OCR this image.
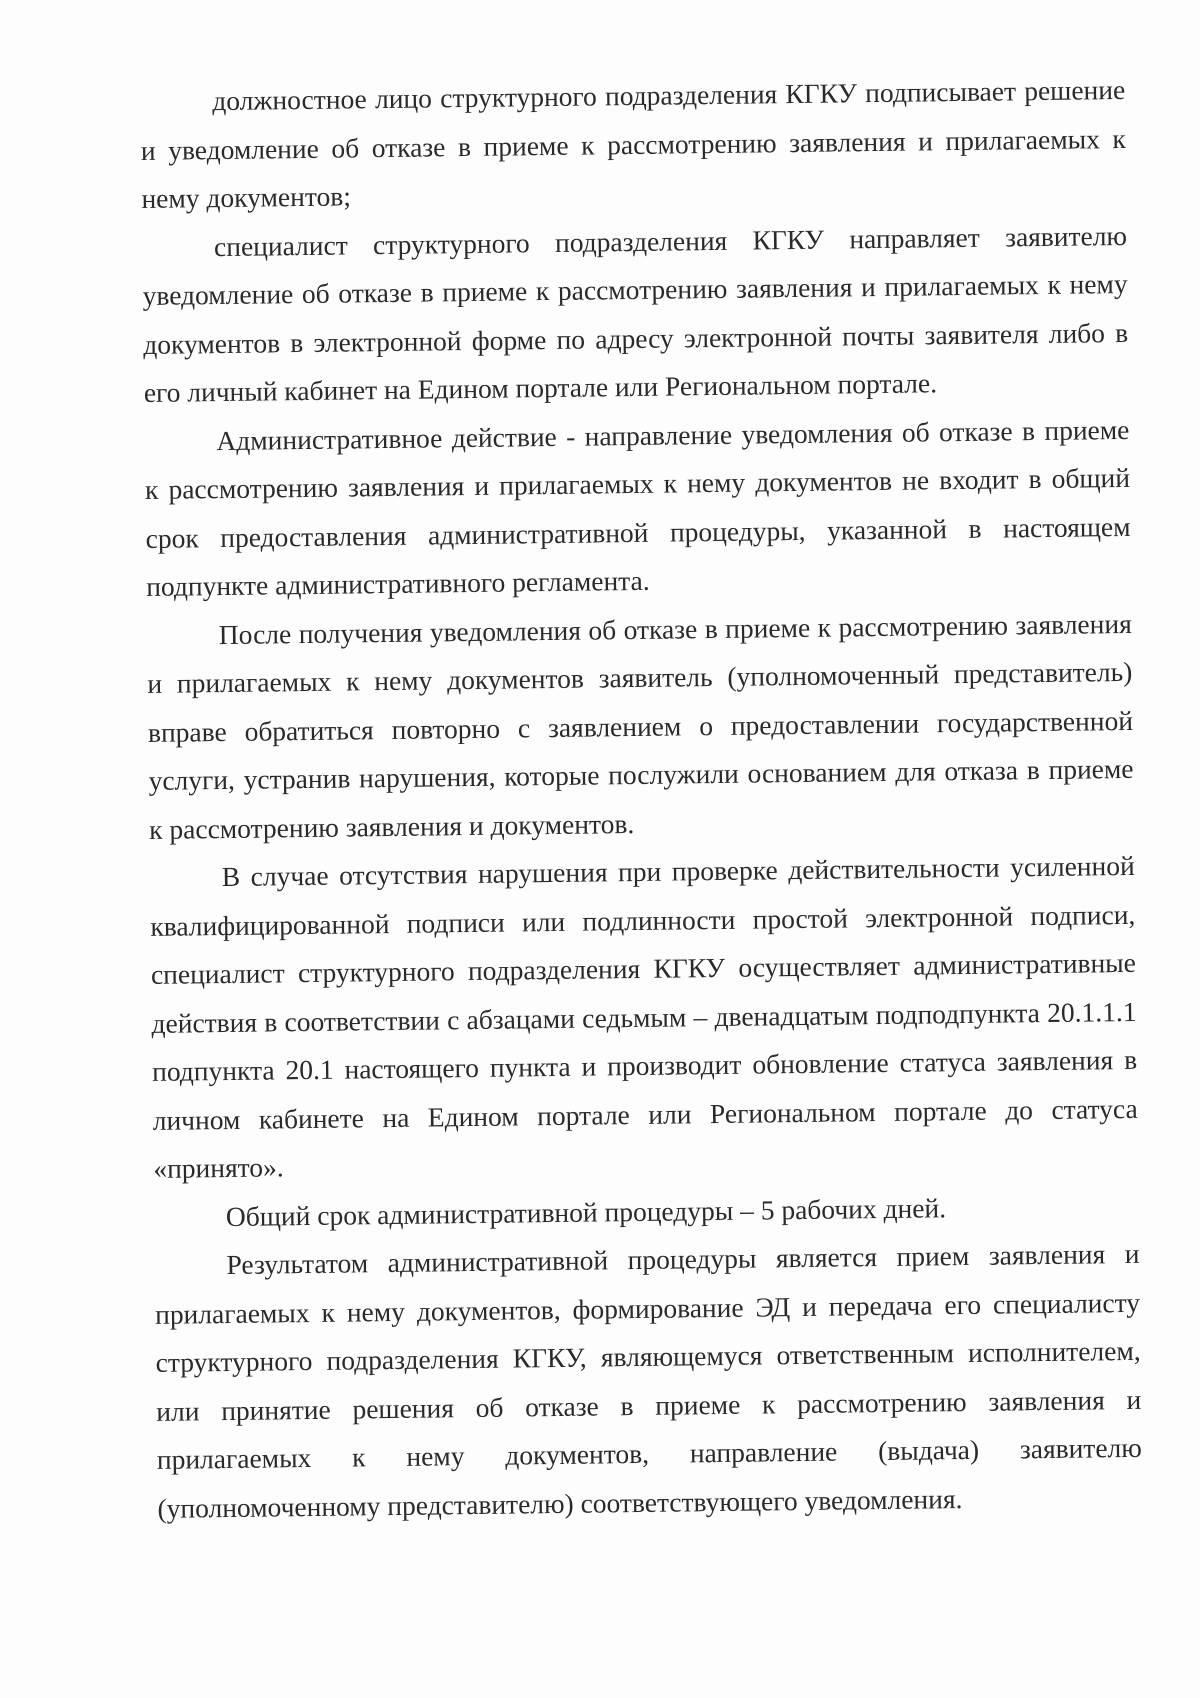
должностное лицо структурного подразделения КГКУ подписывает решение и уведомление об отказе в приеме к рассмотрению заявления и прилагаемых к нему документов;

специалист структурного подразделения КГКУ направляет заявителю уведомление об отказе в приеме к рассмотрению заявления и прилагаемых к нему документов в электронной форме по адресу электронной почты заявителя либо в его личный кабинет на Едином портале или Региональном портале.

Административное действие - направление уведомления об отказе в приеме к рассмотрению заявления и прилагаемых к нему документов не входит в общий срок предоставления административной процедуры, указанной в настоящем подпункте административного регламента.

После получения уведомления об отказе в приеме к рассмотрению заявления и прилагаемых к нему документов заявитель (уполномоченный представитель) вправе обратиться повторно с заявлением о предоставлении государственной услуги, устранив нарушения, которые послужили основанием для отказа в приеме к рассмотрению заявления и документов.

В случае отсутствия нарушения при проверке действительности усиленной квалифицированной подписи или подлинности простой электронной подписи, специалист структурного подразделения КГКУ осуществляет административные действия в соответствии с абзацами седьмым – двенадцатым подподпункта 20.1.1.1 подпункта 20.1 настоящего пункта и производит обновление статуса заявления в личном кабинете на Едином портале или Региональном портале до статуса «принято».

Общий срок административной процедуры – 5 рабочих дней.

Результатом административной процедуры является прием заявления и прилагаемых к нему документов, формирование ЭД и передача его специалисту структурного подразделения КГКУ, являющемуся ответственным исполнителем, или принятие решения об отказе в приеме к рассмотрению заявления и прилагаемых к нему документов, направление (выдача) заявителю (уполномоченному представителю) соответствующего уведомления.
